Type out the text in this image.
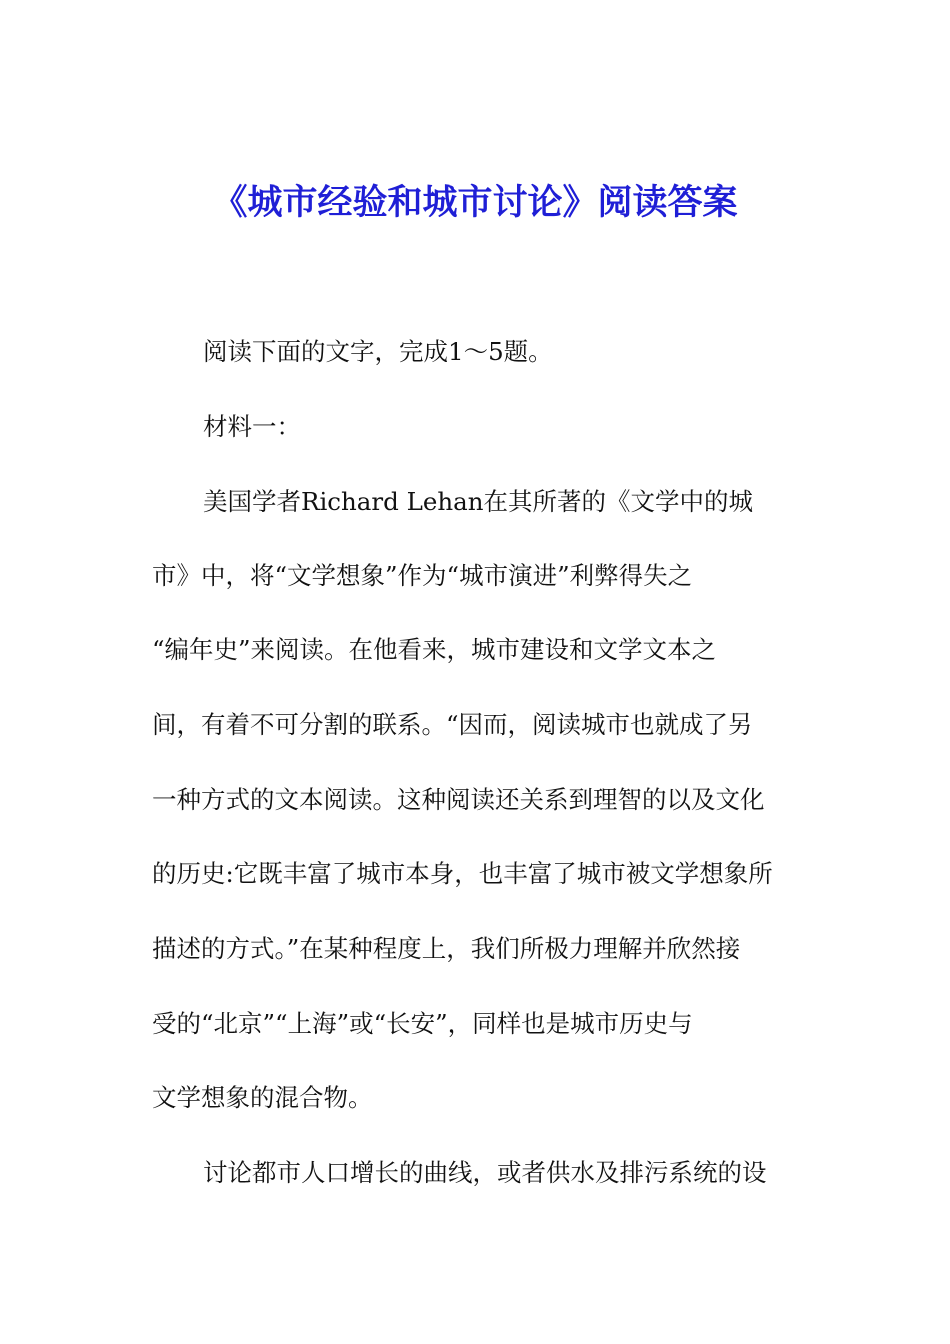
《城市经验和城市讨论》阅读答案
阅读下面的文字，完成1～5题。
材料一：
美国学者Richard Lehan在其所著的《文学中的城
市》中，将“文学想象”作为“城市演进”利弊得失之
“编年史”来阅读。在他看来，城市建设和文学文本之
间，有着不可分割的联系。“因而，阅读城市也就成了另
一种方式的文本阅读。这种阅读还关系到理智的以及文化
的历史:它既丰富了城市本身，也丰富了城市被文学想象所
描述的方式。”在某种程度上，我们所极力理解并欣然接
受的“北京”“上海”或“长安”，同样也是城市历史与
文学想象的混合物。
讨论都市人口增长的曲线，或者供水及排污系统的设
